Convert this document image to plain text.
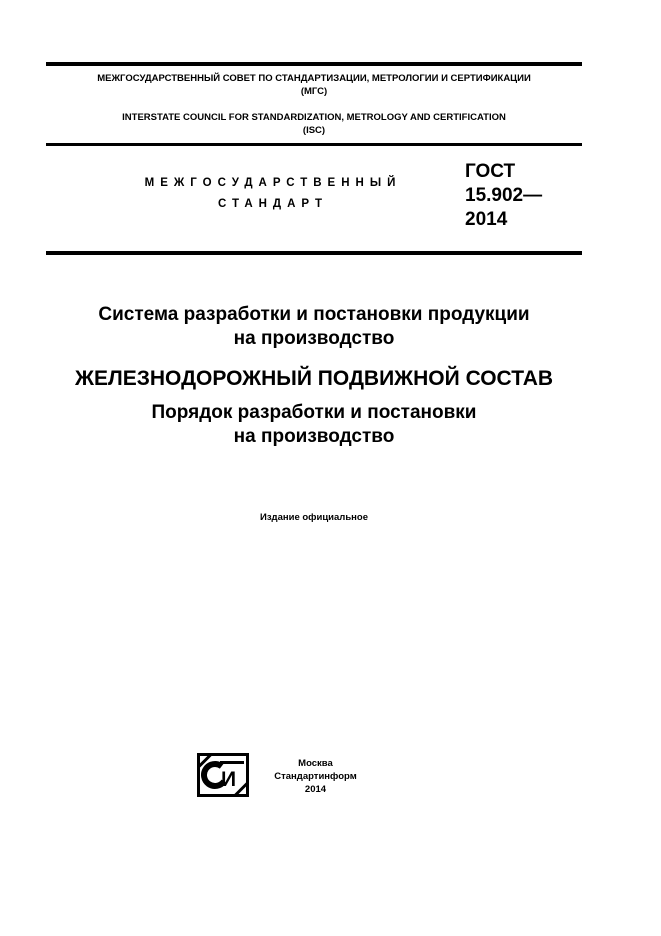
МЕЖГОСУДАРСТВЕННЫЙ СОВЕТ ПО СТАНДАРТИЗАЦИИ, МЕТРОЛОГИИ И СЕРТИФИКАЦИИ
(МГС)
INTERSTATE COUNCIL FOR STANDARDIZATION, METROLOGY AND CERTIFICATION
(ISC)
МЕЖГОСУДАРСТВЕННЫЙ
СТАНДАРТ
ГОСТ
15.902—
2014
Система разработки и постановки продукции
на производство
ЖЕЛЕЗНОДОРОЖНЫЙ ПОДВИЖНОЙ СОСТАВ
Порядок разработки и постановки
на производство
Издание официальное
И
Москва
Стандартинформ
2014
